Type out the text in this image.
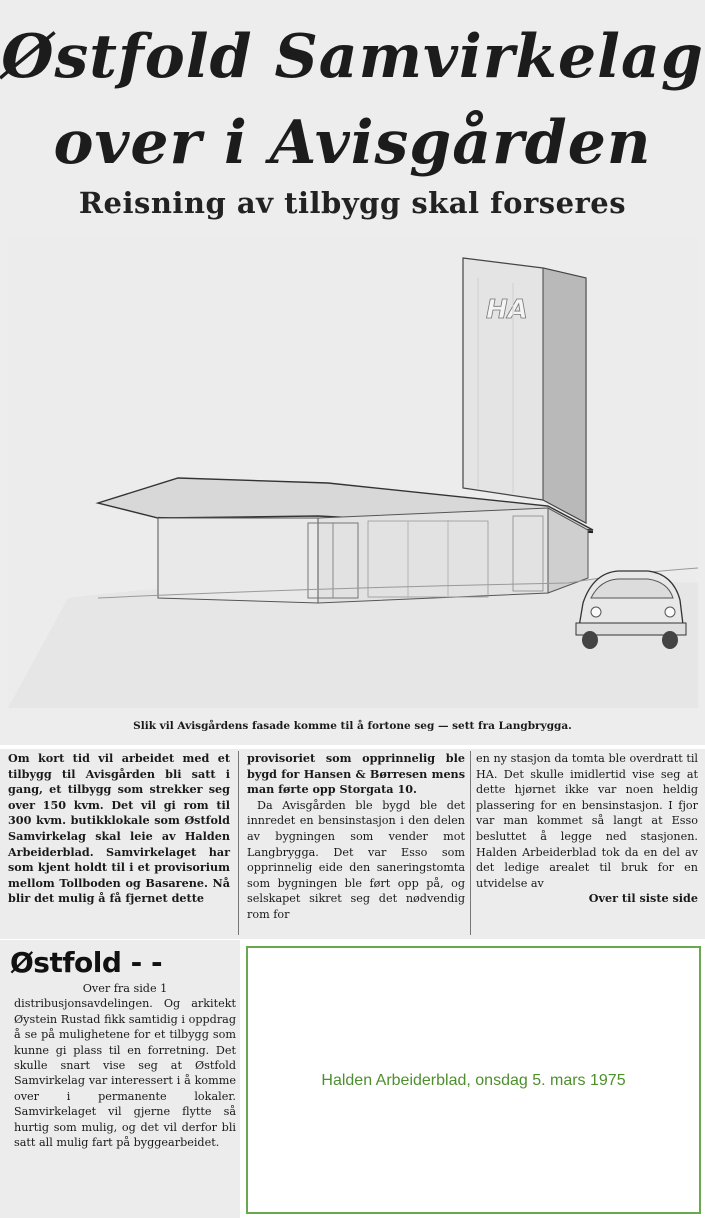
Østfold Samvirkelag
over i Avisgården
Reisning av tilbygg skal forseres
HA
Slik vil Avisgårdens fasade komme til å fortone seg — sett fra Langbrygga.

Om kort tid vil arbeidet med et tilbygg til Avisgården bli satt i gang, et tilbygg som strekker seg over 150 kvm. Det vil gi rom til 300 kvm. butikklokale som Østfold Samvirkelag skal leie av Halden Arbeiderblad. Samvirkelaget har som kjent holdt til i et provisorium mellom Tollboden og Basarene. Nå blir det mulig å få fjernet dette

provisoriet som opprinnelig ble bygd for Hansen & Børresen mens man førte opp Storgata 10.

Da Avisgården ble bygd ble det innredet en bensinstasjon i den delen av bygningen som vender mot Langbrygga. Det var Esso som opprinnelig eide den saneringstomta som bygningen ble ført opp på, og selskapet sikret seg det nødvendig rom for

en ny stasjon da tomta ble overdratt til HA. Det skulle imidlertid vise seg at dette hjørnet ikke var noen heldig plassering for en bensinstasjon. I fjor var man kommet så langt at Esso besluttet å legge ned stasjonen. Halden Arbeiderblad tok da en del av det ledige arealet til bruk for en utvidelse av

Over til siste side

Østfold - -
Over fra side 1

distribusjonsavdelingen. Og arkitekt Øystein Rustad fikk samtidig i oppdrag å se på mulighetene for et tilbygg som kunne gi plass til en forretning. Det skulle snart vise seg at Østfold Samvirkelag var interessert i å komme over i permanente lokaler. Samvirkelaget vil gjerne flytte så hurtig som mulig, og det vil derfor bli satt all mulig fart på byggearbeidet.

Halden Arbeiderblad, onsdag 5. mars 1975
